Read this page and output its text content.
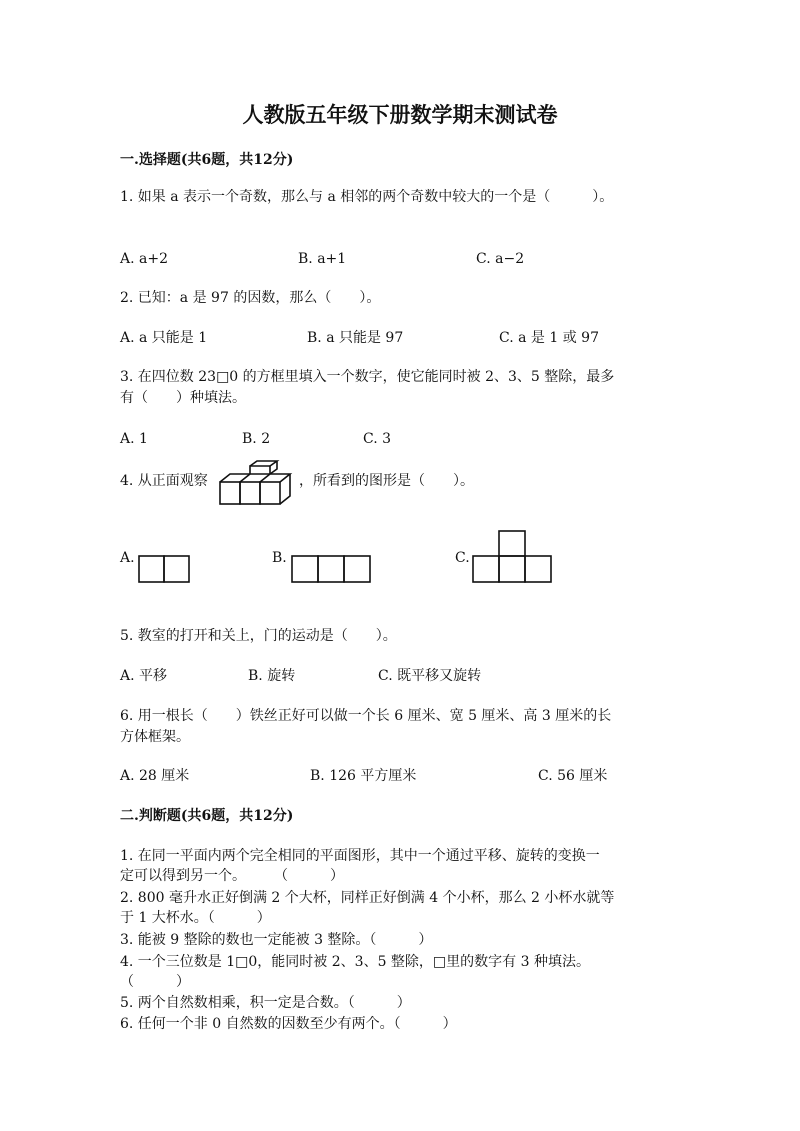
人教版五年级下册数学期末测试卷
一.选择题(共6题，共12分)
1. 如果 a 表示一个奇数，那么与 a 相邻的两个奇数中较大的一个是（　　　）。
A. a+2	B. a+1	C. a−2
2. 已知：a 是 97 的因数，那么（　　）。
A. a 只能是 1	B. a 只能是 97	C. a 是 1 或 97
3. 在四位数 23□0 的方框里填入一个数字，使它能同时被 2、3、5 整除，最多
有（　　）种填法。
A. 1	B. 2	C. 3
4. 从正面观察	，所看到的图形是（　　）。
A.	B.	C.
5. 教室的打开和关上，门的运动是（　　）。
A. 平移	B. 旋转	C. 既平移又旋转
6. 用一根长（　　）铁丝正好可以做一个长 6 厘米、宽 5 厘米、高 3 厘米的长
方体框架。
A. 28 厘米	B. 126 平方厘米	C. 56 厘米
二.判断题(共6题，共12分)
1. 在同一平面内两个完全相同的平面图形，其中一个通过平移、旋转的变换一
定可以得到另一个。　　　（　　　）
2. 800 毫升水正好倒满 2 个大杯，同样正好倒满 4 个小杯，那么 2 小杯水就等
于 1 大杯水。（　　　）
3. 能被 9 整除的数也一定能被 3 整除。（　　　）
4. 一个三位数是 1□0，能同时被 2、3、5 整除，□里的数字有 3 种填法。
（　　　）
5. 两个自然数相乘，积一定是合数。（　　　）
6. 任何一个非 0 自然数的因数至少有两个。（　　　）
